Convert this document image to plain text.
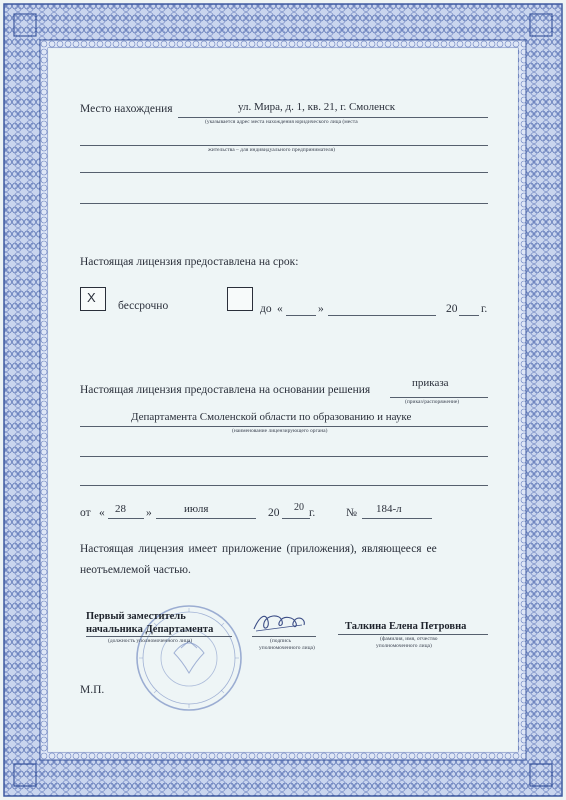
Место нахождения	ул. Мира, д. 1, кв. 21, г. Смоленск
(указывается адрес места нахождения юридического лица (места
жительства – для индивидуального предпринимателя)
Настоящая лицензия предоставлена на срок:
X
бессрочно	до «	»	20 г.
Настоящая лицензия предоставлена на основании решения
приказа
(приказ/распоряжение)
Департамента Смоленской области по образованию и науке
(наименование лицензирующего органа)
от « 28 »	июля	20 20 г.	№ 184-л
Настоящая лицензия имеет приложение (приложения), являющееся ее
неотъемлемой частью.
Первый заместитель
начальника Департамента
(должность уполномоченного лица)	(подпись
уполномоченного лица)
Талкина Елена Петровна
(фамилия, имя, отчество
уполномоченного лица)
М.П.
